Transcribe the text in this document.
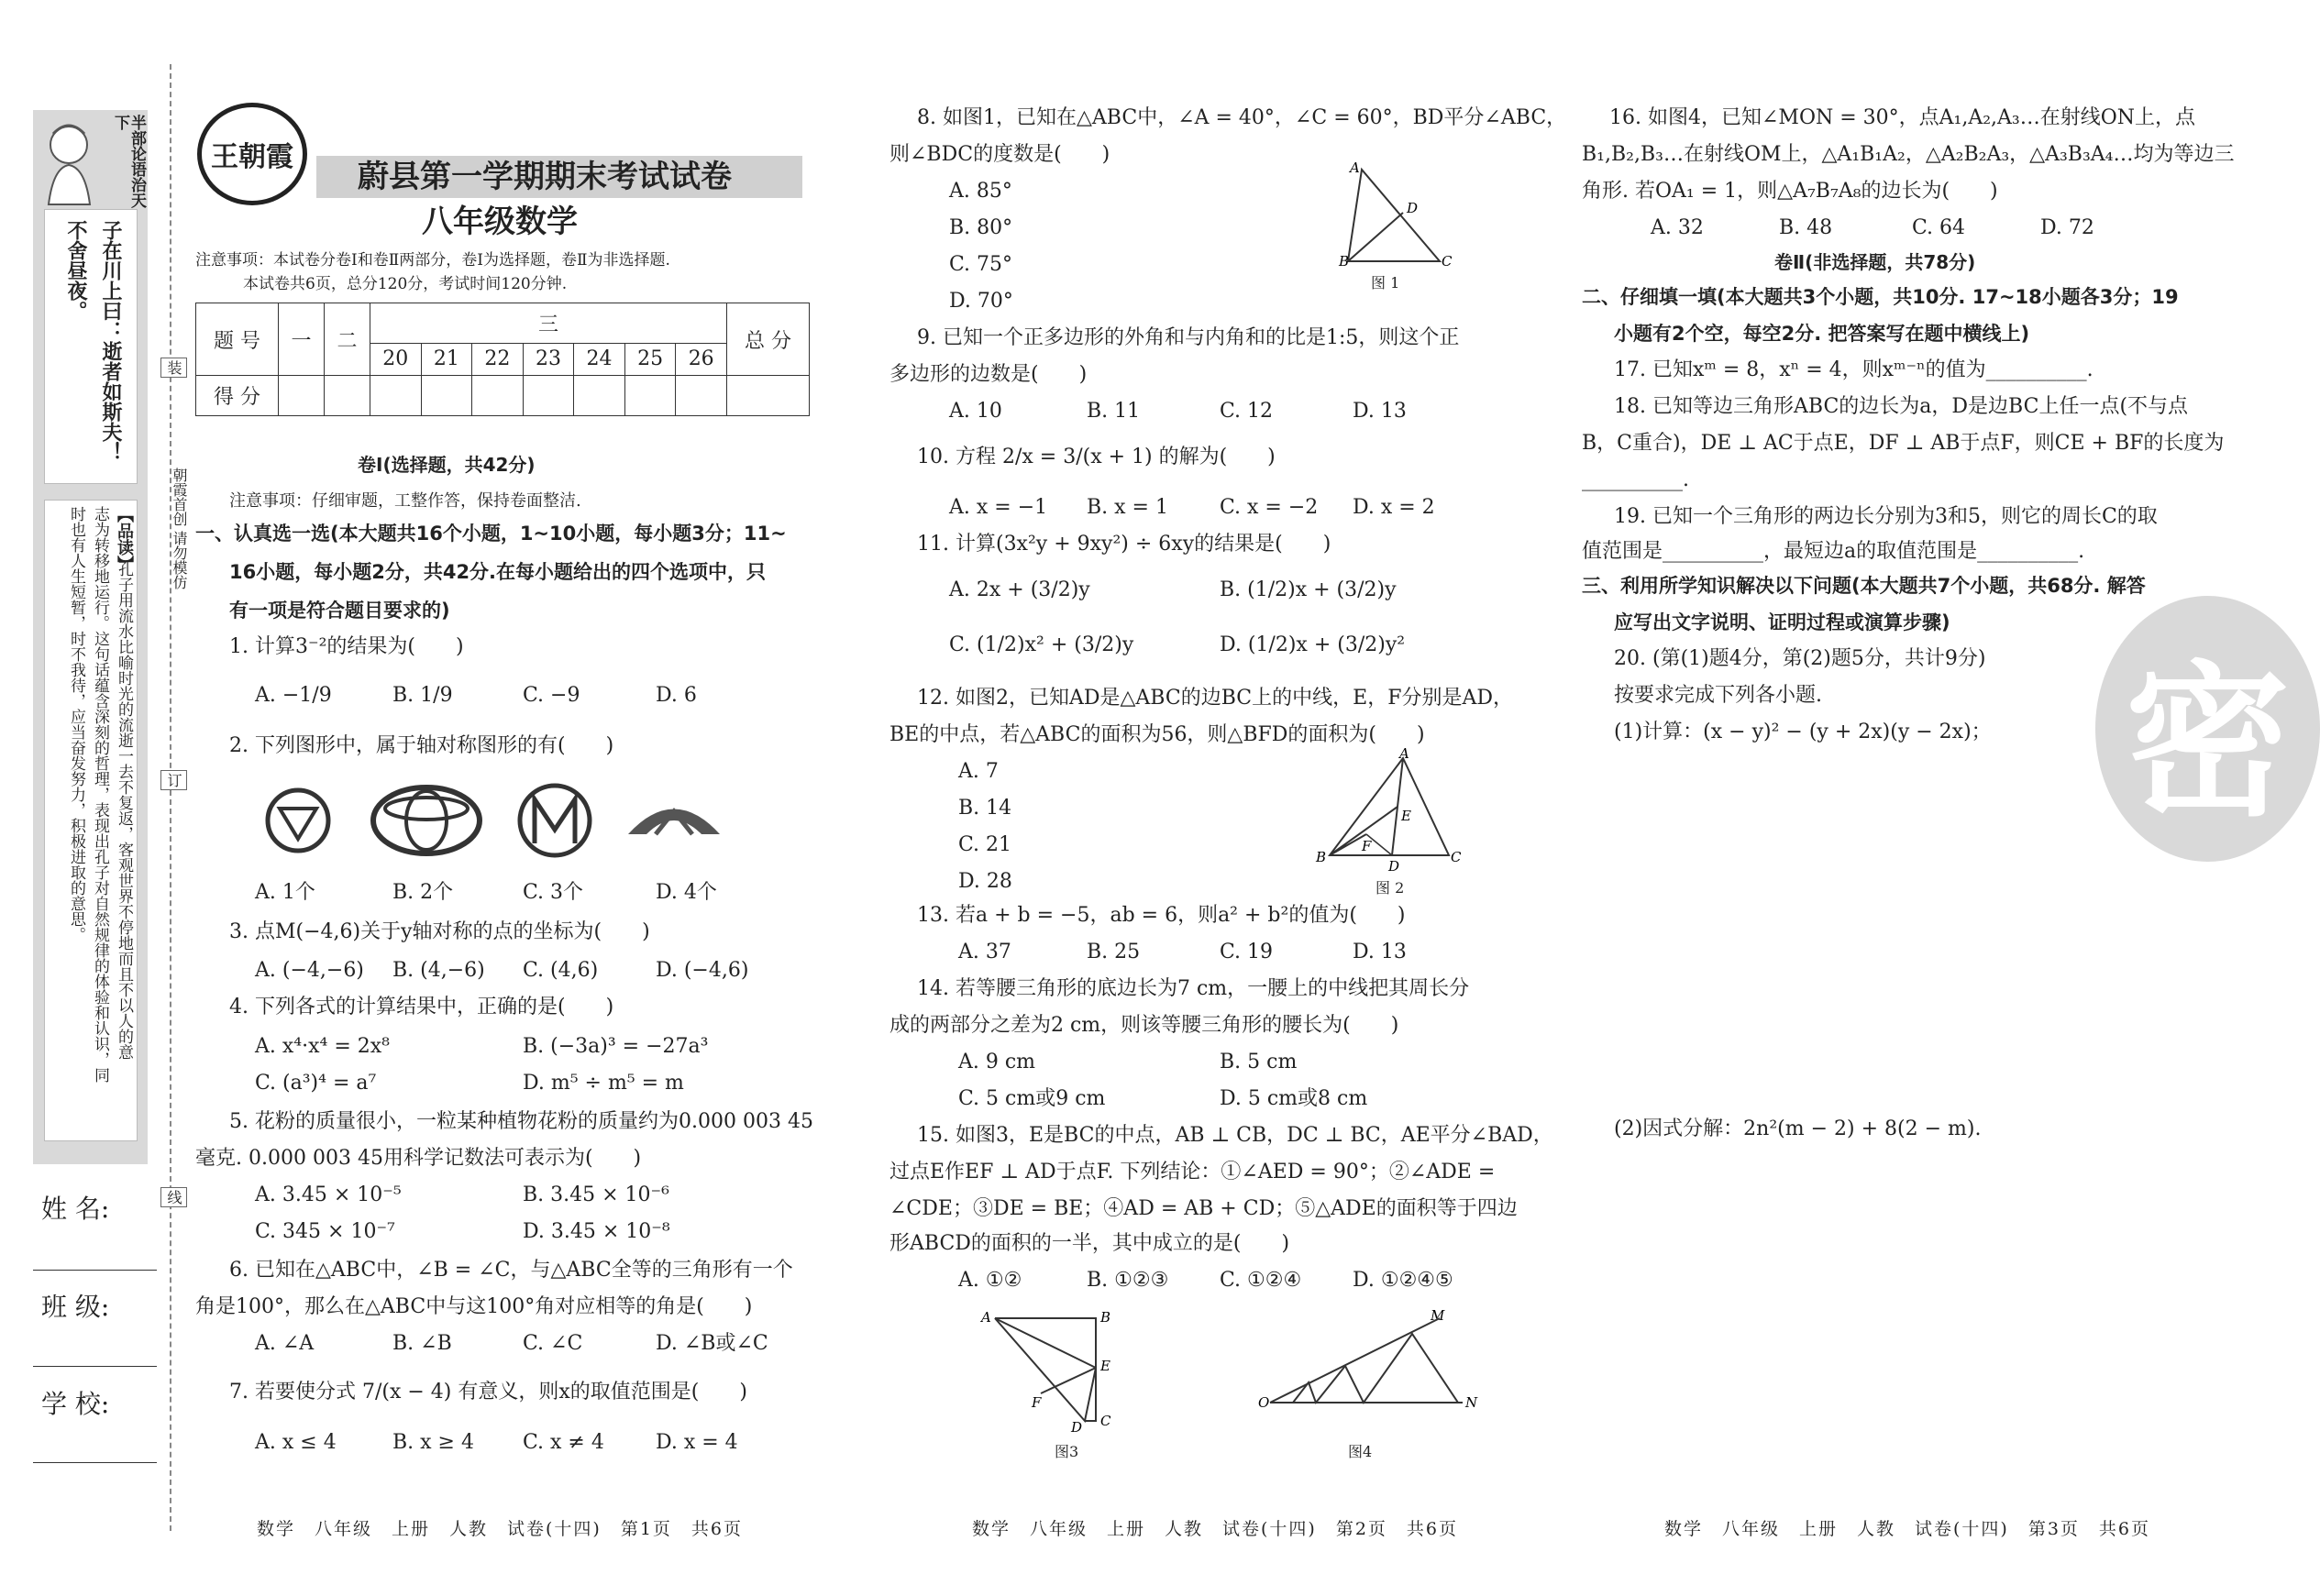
半部论语治天下
不舍昼夜。 子在川上曰：逝者如斯夫！
【品读】
孔子用流水比喻时光的流逝一去不复返，客观世界不停地而且不以人的意
志为转移地运行。这句话蕴含深刻的哲理，表现出孔子对自然规律的体验和认识，同
时也有人生短暂，时不我待，应当奋发努力，积极进取的意思。
姓 名:
班 级:
学 校:
装
订
线
朝霞首创 请勿模仿
王朝霞
蔚县第一学期期末考试试卷
八年级数学
注意事项：本试卷分卷Ⅰ和卷Ⅱ两部分，卷Ⅰ为选择题，卷Ⅱ为非选择题.
本试卷共6页，总分120分，考试时间120分钟.
题 号	一	二	三							总 分
			20	21	22	23	24	25	26	
得 分										
卷Ⅰ(选择题，共42分)
注意事项：仔细审题，工整作答，保持卷面整洁.
一、认真选一选(本大题共16个小题，1~10小题，每小题3分；11~
16小题，每小题2分，共42分.在每小题给出的四个选项中，只
有一项是符合题目要求的)
1. 计算3⁻²的结果为(　　)
A. −1/9	B. 1/9	C. −9	D. 6
2. 下列图形中，属于轴对称图形的有(　　)
A. 1个	B. 2个	C. 3个	D. 4个
3. 点M(−4,6)关于y轴对称的点的坐标为(　　)
A. (−4,−6) B. (4,−6) C. (4,6)	D. (−4,6)
4. 下列各式的计算结果中，正确的是(　　)
A. x⁴·x⁴ = 2x⁸	B. (−3a)³ = −27a³
C. (a³)⁴ = a⁷	D. m⁵ ÷ m⁵ = m
5. 花粉的质量很小，一粒某种植物花粉的质量约为0.000 003 45
毫克. 0.000 003 45用科学记数法可表示为(　　)
A. 3.45 × 10⁻⁵	B. 3.45 × 10⁻⁶
C. 345 × 10⁻⁷	D. 3.45 × 10⁻⁸
6. 已知在△ABC中，∠B = ∠C，与△ABC全等的三角形有一个
角是100°，那么在△ABC中与这100°角对应相等的角是(　　)
A. ∠A	B. ∠B	C. ∠C	D. ∠B或∠C
7. 若要使分式 7/(x − 4) 有意义，则x的取值范围是(　　)
A. x ≤ 4	B. x ≥ 4 C. x ≠ 4	D. x = 4
数学　八年级　上册　人教　试卷(十四)　第1页　共6页
8. 如图1，已知在△ABC中，∠A = 40°，∠C = 60°，BD平分∠ABC，
则∠BDC的度数是(　　)
A. 85°
B. 80°
C. 75°
D. 70°
A
B	C
D
图 1
9. 已知一个正多边形的外角和与内角和的比是1:5，则这个正
多边形的边数是(　　)
A. 10	B. 11	C. 12	D. 13
10. 方程 2/x = 3/(x + 1) 的解为(　　)
A. x = −1 B. x = 1	C. x = −2 D. x = 2
11. 计算(3x²y + 9xy²) ÷ 6xy的结果是(　　)
A. 2x + (3/2)y	B. (1/2)x + (3/2)y
C. (1/2)x² + (3/2)y	D. (1/2)x + (3/2)y²
12. 如图2，已知AD是△ABC的边BC上的中线，E，F分别是AD，
BE的中点，若△ABC的面积为56，则△BFD的面积为(　　)
A. 7
B. 14
C. 21
D. 28
A
B	C
D
E
F
图 2
13. 若a + b = −5，ab = 6，则a² + b²的值为(　　)
A. 37	B. 25	C. 19	D. 13
14. 若等腰三角形的底边长为7 cm，一腰上的中线把其周长分
成的两部分之差为2 cm，则该等腰三角形的腰长为(　　)
A. 9 cm	B. 5 cm
C. 5 cm或9 cm	D. 5 cm或8 cm
15. 如图3，E是BC的中点，AB ⊥ CB，DC ⊥ BC，AE平分∠BAD，
过点E作EF ⊥ AD于点F. 下列结论：①∠AED = 90°；②∠ADE =
∠CDE；③DE = BE；④AD = AB + CD；⑤△ADE的面积等于四边
形ABCD的面积的一半，其中成立的是(　　)
A. ①②	B. ①②③	C. ①②④	D. ①②④⑤
A	B
E
C
F
D
图3
O	N
M
图4
数学　八年级　上册　人教　试卷(十四)　第2页　共6页
16. 如图4，已知∠MON = 30°，点A₁,A₂,A₃…在射线ON上，点
B₁,B₂,B₃…在射线OM上，△A₁B₁A₂，△A₂B₂A₃，△A₃B₃A₄…均为等边三
角形. 若OA₁ = 1，则△A₇B₇A₈的边长为(　　)
A. 32	B. 48	C. 64	D. 72
卷Ⅱ(非选择题，共78分)
二、仔细填一填(本大题共3个小题，共10分. 17~18小题各3分；19
小题有2个空，每空2分. 把答案写在题中横线上)
17. 已知xᵐ = 8，xⁿ = 4，则xᵐ⁻ⁿ的值为__________.
18. 已知等边三角形ABC的边长为a，D是边BC上任一点(不与点
B，C重合)，DE ⊥ AC于点E，DF ⊥ AB于点F，则CE + BF的长度为
__________.
19. 已知一个三角形的两边长分别为3和5，则它的周长C的取
值范围是__________，最短边a的取值范围是__________.
三、利用所学知识解决以下问题(本大题共7个小题，共68分. 解答
应写出文字说明、证明过程或演算步骤)
20. (第(1)题4分，第(2)题5分，共计9分)
按要求完成下列各小题.
(1)计算：(x − y)² − (y + 2x)(y − 2x)；
(2)因式分解：2n²(m − 2) + 8(2 − m).
密
数学　八年级　上册　人教　试卷(十四)　第3页　共6页
